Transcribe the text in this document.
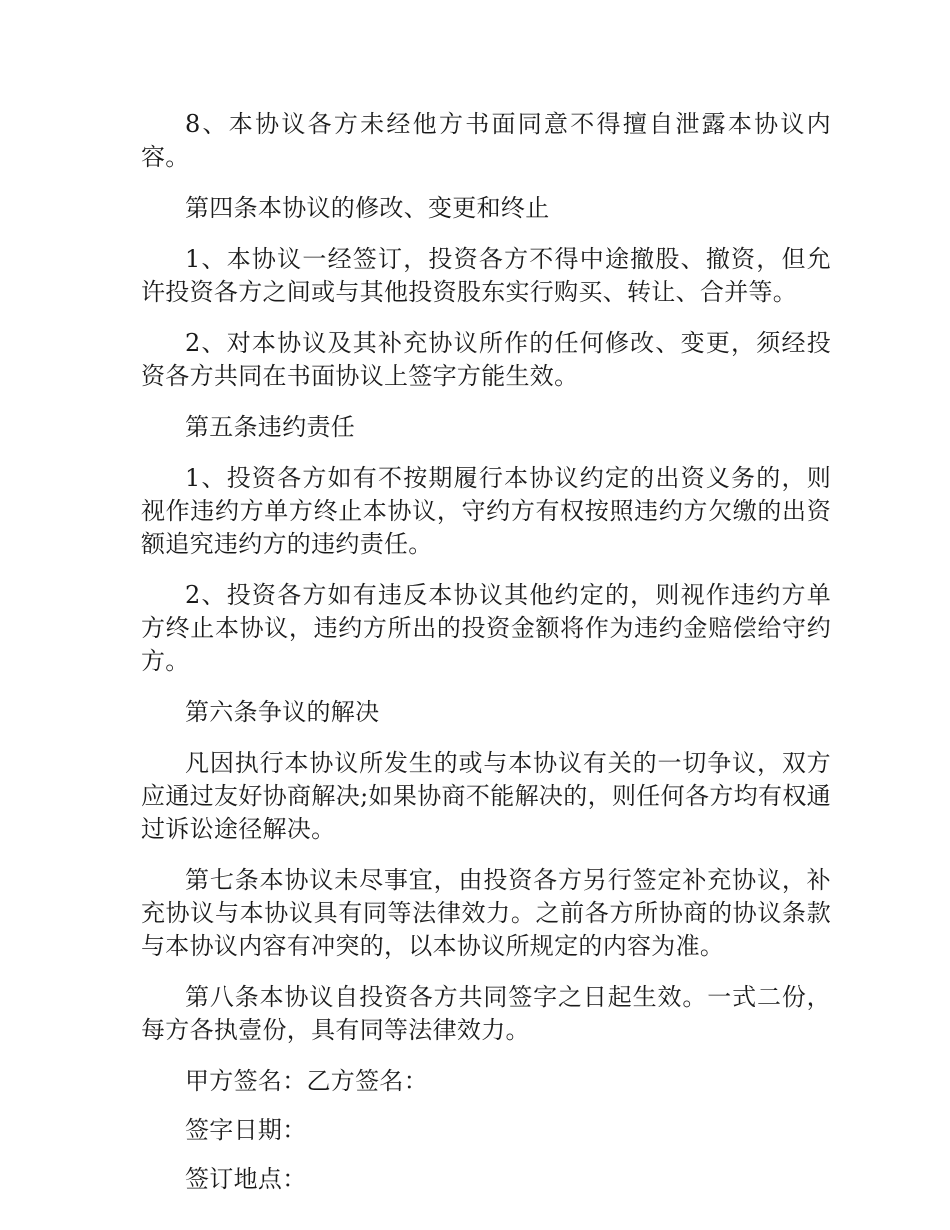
8、本协议各方未经他方书面同意不得擅自泄露本协议内容。

第四条本协议的修改、变更和终止

1、本协议一经签订，投资各方不得中途撤股、撤资，但允许投资各方之间或与其他投资股东实行购买、转让、合并等。

2、对本协议及其补充协议所作的任何修改、变更，须经投资各方共同在书面协议上签字方能生效。

第五条违约责任

1、投资各方如有不按期履行本协议约定的出资义务的，则视作违约方单方终止本协议，守约方有权按照违约方欠缴的出资额追究违约方的违约责任。

2、投资各方如有违反本协议其他约定的，则视作违约方单方终止本协议，违约方所出的投资金额将作为违约金赔偿给守约方。

第六条争议的解决

凡因执行本协议所发生的或与本协议有关的一切争议，双方应通过友好协商解决;如果协商不能解决的，则任何各方均有权通过诉讼途径解决。

第七条本协议未尽事宜，由投资各方另行签定补充协议，补充协议与本协议具有同等法律效力。之前各方所协商的协议条款与本协议内容有冲突的，以本协议所规定的内容为准。

第八条本协议自投资各方共同签字之日起生效。一式二份，每方各执壹份，具有同等法律效力。

甲方签名：乙方签名：

签字日期：

签订地点：
